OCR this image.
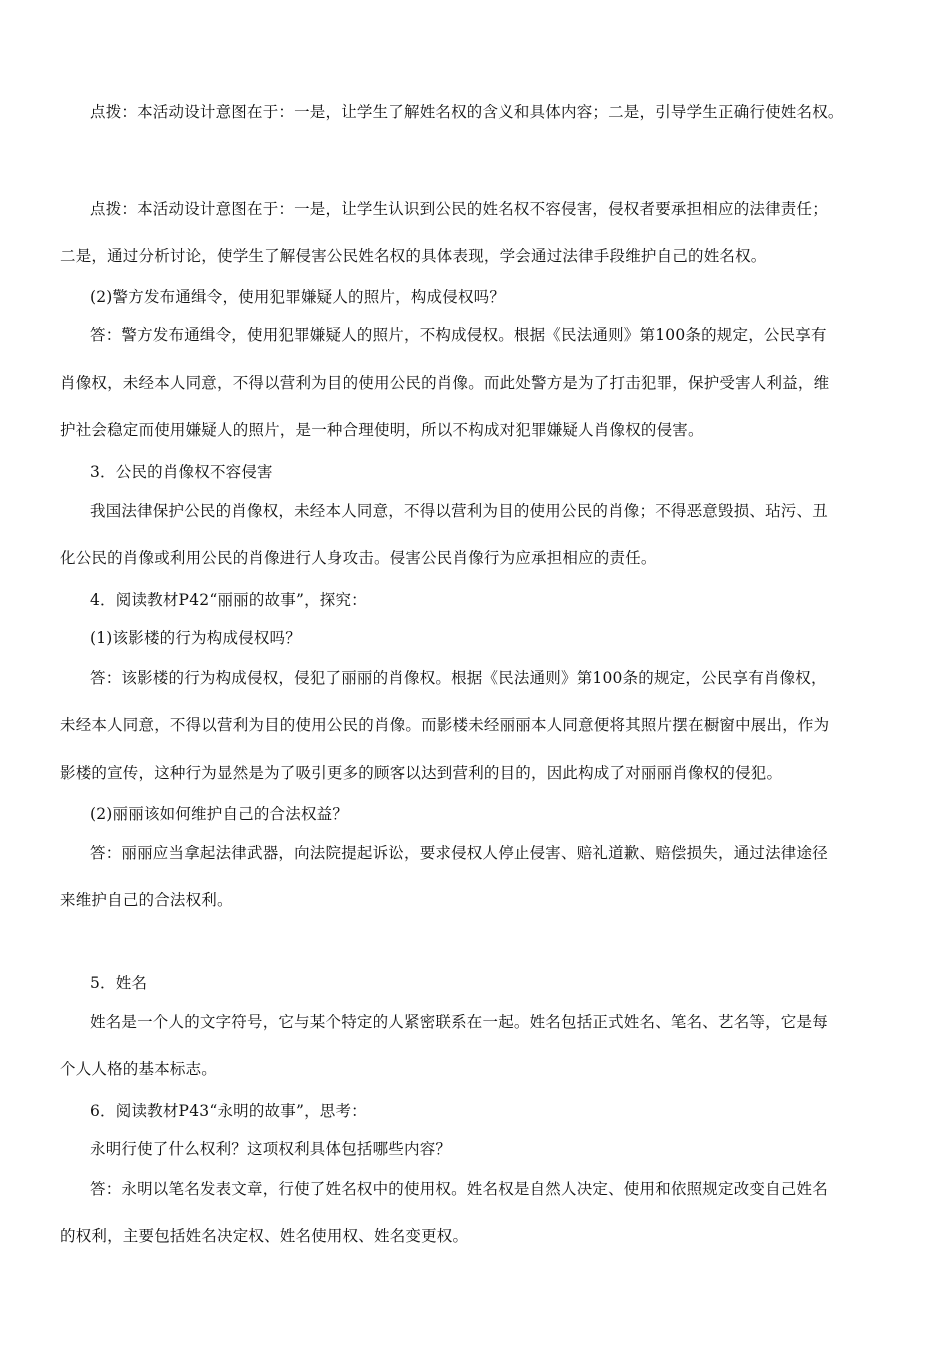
点拨：本活动设计意图在于：一是，让学生了解姓名权的含义和具体内容；二是，引导学生正确行使姓名权。
点拨：本活动设计意图在于：一是，让学生认识到公民的姓名权不容侵害，侵权者要承担相应的法律责任；
二是，通过分析讨论，使学生了解侵害公民姓名权的具体表现，学会通过法律手段维护自己的姓名权。
(2)警方发布通缉令，使用犯罪嫌疑人的照片，构成侵权吗？
答：警方发布通缉令，使用犯罪嫌疑人的照片，不构成侵权。根据《民法通则》第100条的规定，公民享有
肖像权，未经本人同意，不得以营利为目的使用公民的肖像。而此处警方是为了打击犯罪，保护受害人利益，维
护社会稳定而使用嫌疑人的照片，是一种合理使明，所以不构成对犯罪嫌疑人肖像权的侵害。
3．公民的肖像权不容侵害
我国法律保护公民的肖像权，未经本人同意，不得以营利为目的使用公民的肖像；不得恶意毁损、玷污、丑
化公民的肖像或利用公民的肖像进行人身攻击。侵害公民肖像行为应承担相应的责任。
4．阅读教材P42“丽丽的故事”，探究：
(1)该影楼的行为构成侵权吗？
答：该影楼的行为构成侵权，侵犯了丽丽的肖像权。根据《民法通则》第100条的规定，公民享有肖像权，
未经本人同意，不得以营利为目的使用公民的肖像。而影楼未经丽丽本人同意便将其照片摆在橱窗中展出，作为
影楼的宣传，这种行为显然是为了吸引更多的顾客以达到营利的目的，因此构成了对丽丽肖像权的侵犯。
(2)丽丽该如何维护自己的合法权益？
答：丽丽应当拿起法律武器，向法院提起诉讼，要求侵权人停止侵害、赔礼道歉、赔偿损失，通过法律途径
来维护自己的合法权利。
5．姓名
姓名是一个人的文字符号，它与某个特定的人紧密联系在一起。姓名包括正式姓名、笔名、艺名等，它是每
个人人格的基本标志。
6．阅读教材P43“永明的故事”，思考：
永明行使了什么权利？这项权利具体包括哪些内容？
答：永明以笔名发表文章，行使了姓名权中的使用权。姓名权是自然人决定、使用和依照规定改变自己姓名
的权利，主要包括姓名决定权、姓名使用权、姓名变更权。
